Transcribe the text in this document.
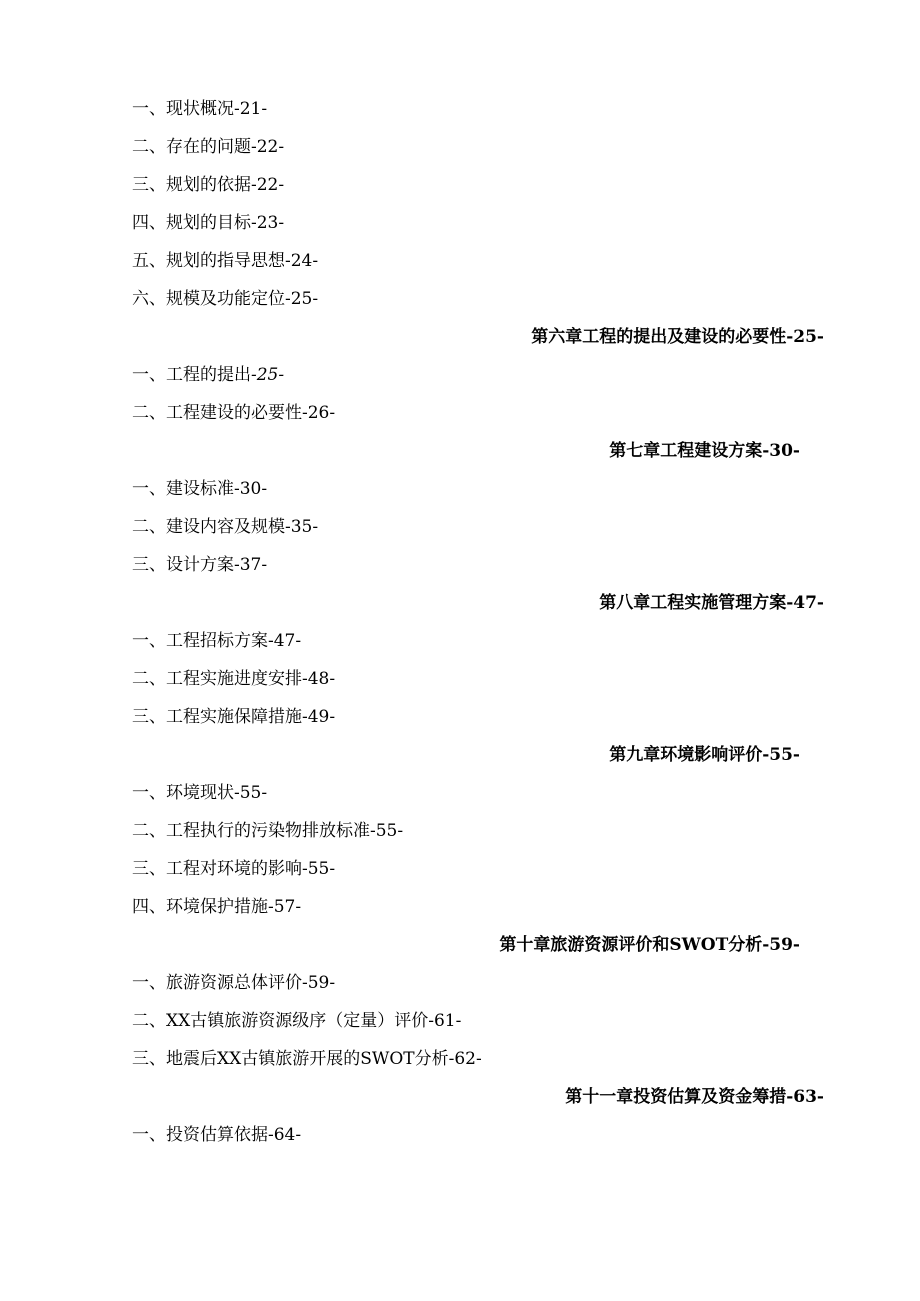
一、现状概况-21-
二、存在的问题-22-
三、规划的依据-22-
四、规划的目标-23-
五、规划的指导思想-24-
六、规模及功能定位-25-
第六章工程的提出及建设的必要性-25-
一、工程的提出-25-
二、工程建设的必要性-26-
第七章工程建设方案-30-
一、建设标准-30-
二、建设内容及规模-35-
三、设计方案-37-
第八章工程实施管理方案-47-
一、工程招标方案-47-
二、工程实施进度安排-48-
三、工程实施保障措施-49-
第九章环境影响评价-55-
一、环境现状-55-
二、工程执行的污染物排放标准-55-
三、工程对环境的影响-55-
四、环境保护措施-57-
第十章旅游资源评价和SWOT分析-59-
一、旅游资源总体评价-59-
二、XX古镇旅游资源级序（定量）评价-61-
三、地震后XX古镇旅游开展的SWOT分析-62-
第十一章投资估算及资金筹措-63-
一、投资估算依据-64-
